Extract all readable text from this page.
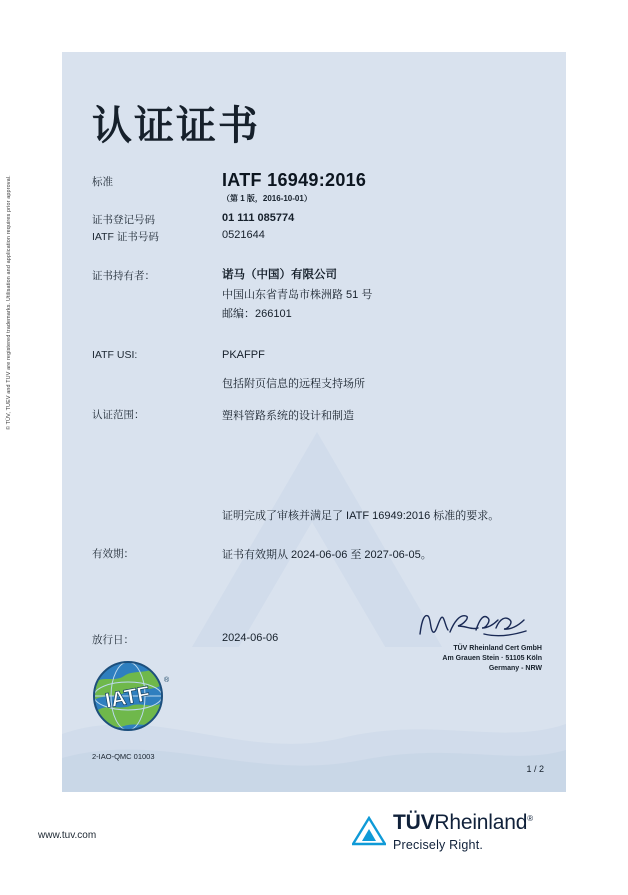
© TÜV, TUEV and TUV are registered trademarks. Utilisation and application requires prior approval.
认证证书
标准	IATF 16949:2016
（第 1 版，2016-10-01）
证书登记号码	01 111 085774
IATF 证书号码	0521644
证书持有者：	诺马（中国）有限公司
中国山东省青岛市株洲路 51 号
邮编：266101
IATF USI:	PKAFPF
包括附页信息的远程支持场所
认证范围：	塑料管路系统的设计和制造
证明完成了审核并满足了 IATF 16949:2016 标准的要求。
有效期：	证书有效期从 2024-06-06 至 2027-06-05。
放行日：	2024-06-06
TÜV Rheinland Cert GmbH
Am Grauen Stein · 51105 Köln
Germany - NRW
IATF
®
2-IAO-QMC 01003
1 / 2
www.tuv.com
TÜVRheinland®
Precisely Right.
